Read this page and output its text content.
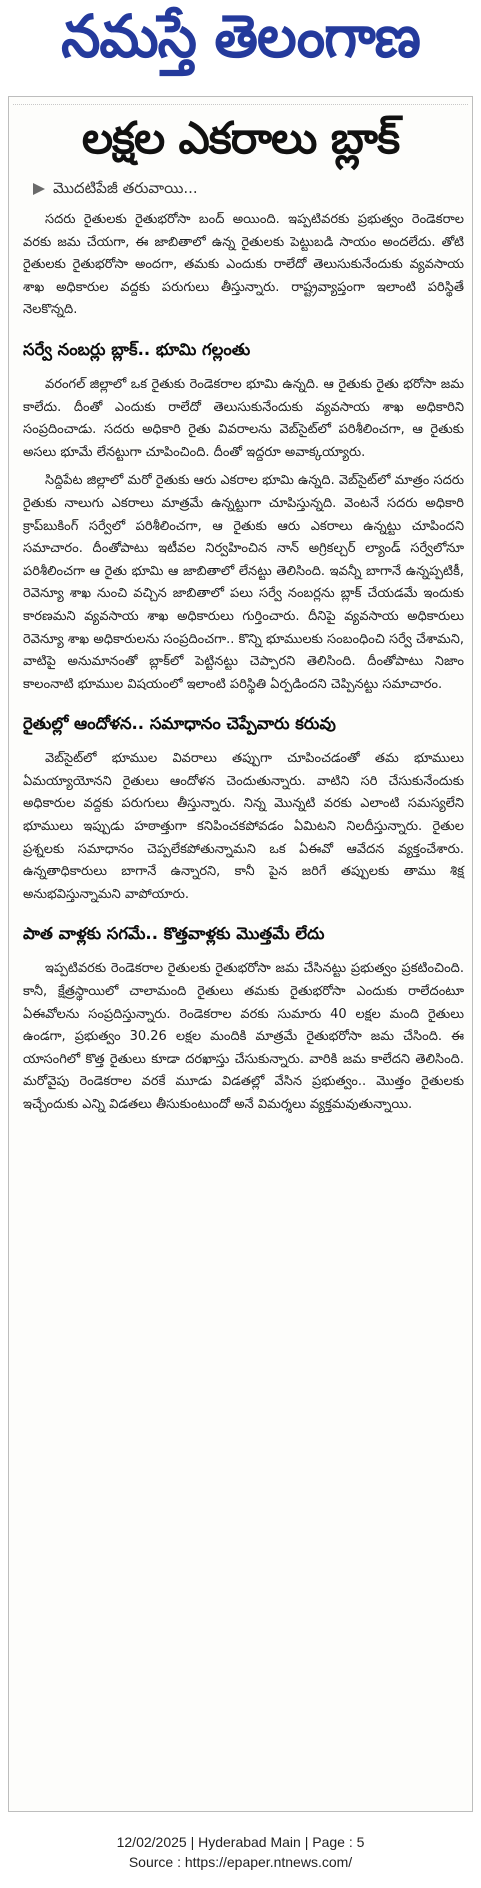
నమస్తే తెలంగాణ
లక్షల ఎకరాలు బ్లాక్
మొదటిపేజీ తరువాయి...

సదరు రైతులకు రైతుభరోసా బంద్ అయింది. ఇప్పటివరకు ప్రభుత్వం రెండెకరాల వరకు జమ చేయగా, ఈ జాబితాలో ఉన్న రైతులకు పెట్టుబడి సాయం అందలేదు. తోటి రైతులకు రైతుభరోసా అందగా, తమకు ఎందుకు రాలేదో తెలుసుకునేందుకు వ్యవసాయ శాఖ అధికారుల వద్దకు పరుగులు తీస్తున్నారు. రాష్ట్రవ్యాప్తంగా ఇలాంటి పరిస్థితే నెలకొన్నది.

సర్వే నంబర్లు బ్లాక్.. భూమి గల్లంతు

వరంగల్ జిల్లాలో ఒక రైతుకు రెండెకరాల భూమి ఉన్నది. ఆ రైతుకు రైతు భరోసా జమ కాలేదు. దీంతో ఎందుకు రాలేదో తెలుసుకునేందుకు వ్యవసాయ శాఖ అధికారిని సంప్రదించాడు. సదరు అధికారి రైతు వివరాలను వెబ్‌సైట్‌లో పరిశీలించగా, ఆ రైతుకు అసలు భూమే లేనట్టుగా చూపించింది. దీంతో ఇద్దరూ అవాక్కయ్యారు.

సిద్దిపేట జిల్లాలో మరో రైతుకు ఆరు ఎకరాల భూమి ఉన్నది. వెబ్‌సైట్‌లో మాత్రం సదరు రైతుకు నాలుగు ఎకరాలు మాత్రమే ఉన్నట్టుగా చూపిస్తున్నది. వెంటనే సదరు అధికారి క్రాప్‌బుకింగ్ సర్వేలో పరిశీలించగా, ఆ రైతుకు ఆరు ఎకరాలు ఉన్నట్టు చూపిందని సమాచారం. దీంతోపాటు ఇటీవల నిర్వహించిన నాన్ అగ్రికల్చర్ ల్యాండ్ సర్వేలోనూ పరిశీలించగా ఆ రైతు భూమి ఆ జాబితాలో లేనట్టు తెలిసింది. ఇవన్నీ బాగానే ఉన్నప్పటికీ, రెవెన్యూ శాఖ నుంచి వచ్చిన జాబితాలో పలు సర్వే నంబర్లను బ్లాక్ చేయడమే ఇందుకు కారణమని వ్యవసాయ శాఖ అధికారులు గుర్తించారు. దీనిపై వ్యవసాయ అధికారులు రెవెన్యూ శాఖ అధికారులను సంప్రదించగా.. కొన్ని భూములకు సంబంధించి సర్వే చేశామని, వాటిపై అనుమానంతో బ్లాక్‌లో పెట్టినట్టు చెప్పారని తెలిసింది. దీంతోపాటు నిజాం కాలంనాటి భూముల విషయంలో ఇలాంటి పరిస్థితి ఏర్పడిందని చెప్పినట్టు సమాచారం.

రైతుల్లో ఆందోళన.. సమాధానం చెప్పేవారు కరువు

వెబ్‌సైట్‌లో భూముల వివరాలు తప్పుగా చూపించడంతో తమ భూములు ఏమయ్యాయోనని రైతులు ఆందోళన చెందుతున్నారు. వాటిని సరి చేసుకునేందుకు అధికారుల వద్దకు పరుగులు తీస్తున్నారు. నిన్న మొన్నటి వరకు ఎలాంటి సమస్యలేని భూములు ఇప్పుడు హఠాత్తుగా కనిపించకపోవడం ఏమిటని నిలదీస్తున్నారు. రైతుల ప్రశ్నలకు సమాధానం చెప్పలేకపోతున్నామని ఒక ఏఈవో ఆవేదన వ్యక్తంచేశారు. ఉన్నతాధికారులు బాగానే ఉన్నారని, కానీ పైన జరిగే తప్పులకు తాము శిక్ష అనుభవిస్తున్నామని వాపోయారు.

పాత వాళ్లకు సగమే.. కొత్తవాళ్లకు మొత్తమే లేదు

ఇప్పటివరకు రెండెకరాల రైతులకు రైతుభరోసా జమ చేసినట్టు ప్రభుత్వం ప్రకటించింది. కానీ, క్షేత్రస్థాయిలో చాలామంది రైతులు తమకు రైతుభరోసా ఎందుకు రాలేదంటూ ఏఈవోలను సంప్రదిస్తున్నారు. రెండెకరాల వరకు సుమారు 40 లక్షల మంది రైతులు ఉండగా, ప్రభుత్వం 30.26 లక్షల మందికి మాత్రమే రైతుభరోసా జమ చేసింది. ఈ యాసంగిలో కొత్త రైతులు కూడా దరఖాస్తు చేసుకున్నారు. వారికి జమ కాలేదని తెలిసింది. మరోవైపు రెండెకరాల వరకే మూడు విడతల్లో వేసిన ప్రభుత్వం.. మొత్తం రైతులకు ఇచ్చేందుకు ఎన్ని విడతలు తీసుకుంటుందో అనే విమర్శలు వ్యక్తమవుతున్నాయి.

12/02/2025 | Hyderabad Main | Page : 5
Source : https://epaper.ntnews.com/
